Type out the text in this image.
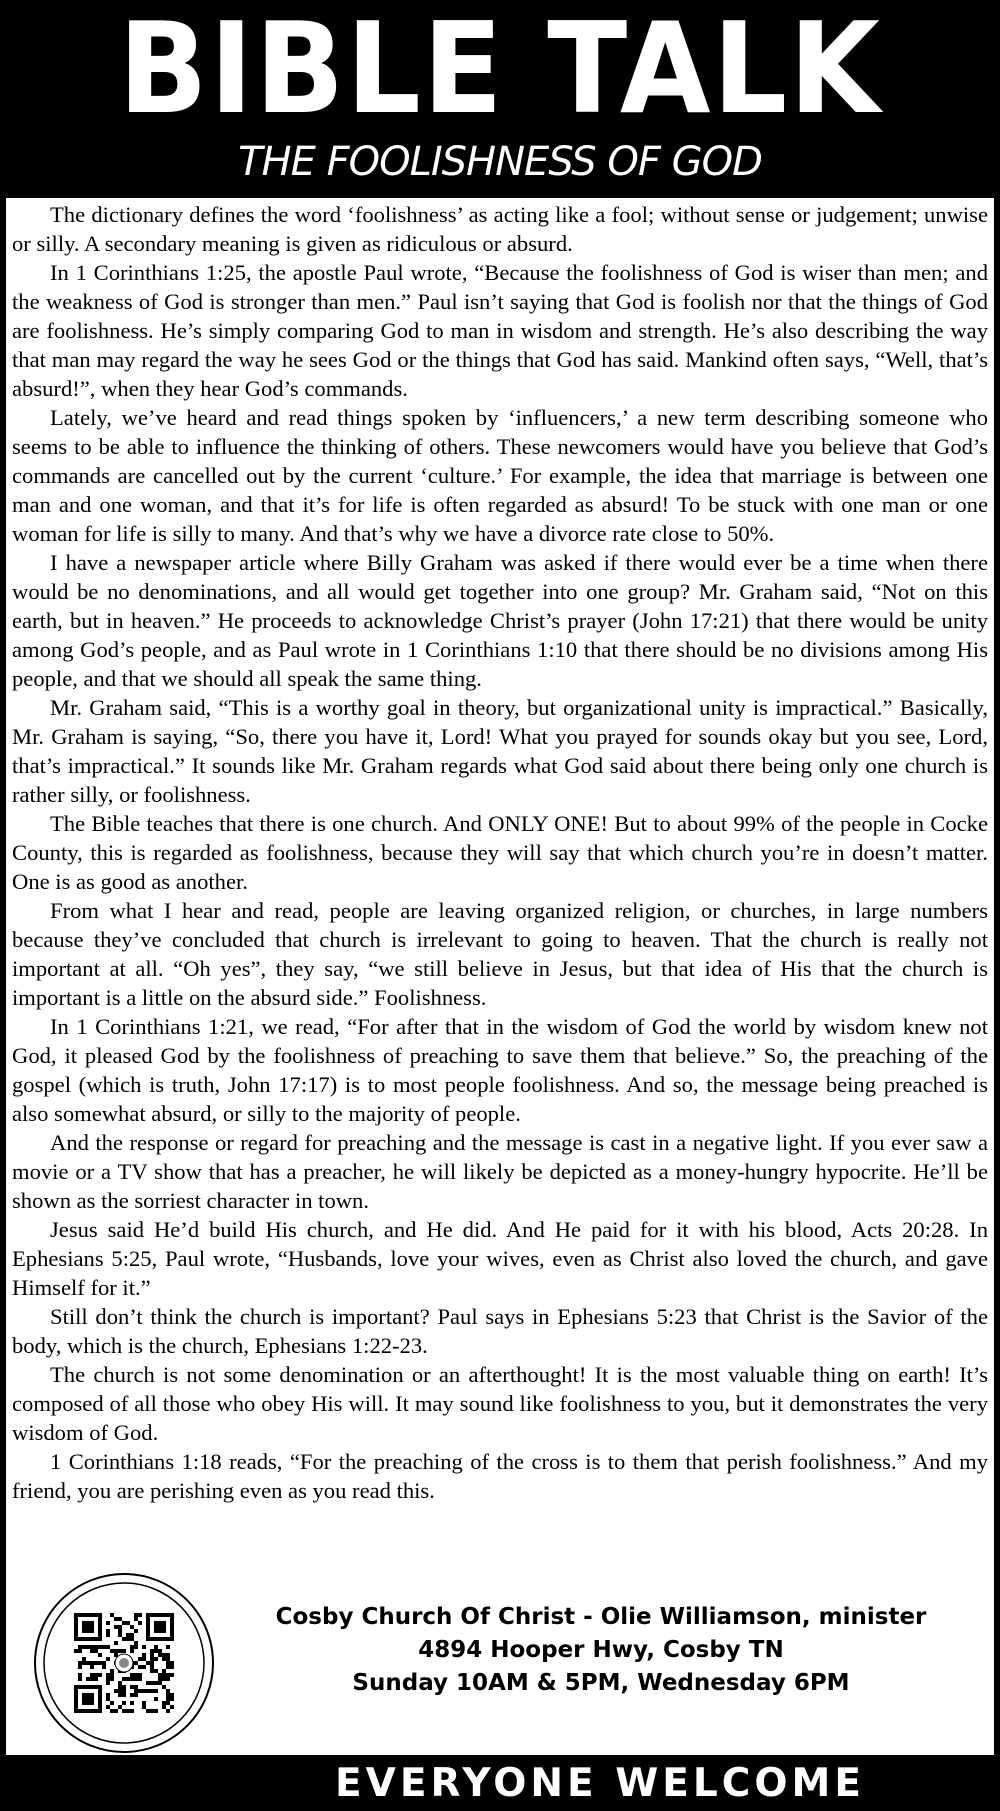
BIBLE TALK
THE FOOLISHNESS OF GOD

The dictionary defines the word ‘foolishness’ as acting like a fool; without sense or judgement; unwise or silly. A secondary meaning is given as ridiculous or absurd.

In 1 Corinthians 1:25, the apostle Paul wrote, “Because the foolishness of God is wiser than men; and the weakness of God is stronger than men.” Paul isn’t saying that God is foolish nor that the things of God are foolishness. He’s simply comparing God to man in wisdom and strength. He’s also describing the way that man may regard the way he sees God or the things that God has said. Mankind often says, “Well, that’s absurd!”, when they hear God’s commands.

Lately, we’ve heard and read things spoken by ‘influencers,’ a new term describing someone who seems to be able to influence the thinking of others. These newcomers would have you believe that God’s commands are cancelled out by the current ‘culture.’ For example, the idea that marriage is between one man and one woman, and that it’s for life is often regarded as absurd! To be stuck with one man or one woman for life is silly to many. And that’s why we have a divorce rate close to 50%.

I have a newspaper article where Billy Graham was asked if there would ever be a time when there would be no denominations, and all would get together into one group? Mr. Graham said, “Not on this earth, but in heaven.” He proceeds to acknowledge Christ’s prayer (John 17:21) that there would be unity among God’s people, and as Paul wrote in 1 Corinthians 1:10 that there should be no divisions among His people, and that we should all speak the same thing.

Mr. Graham said, “This is a worthy goal in theory, but organizational unity is impractical.” Basically, Mr. Graham is saying, “So, there you have it, Lord! What you prayed for sounds okay but you see, Lord, that’s impractical.” It sounds like Mr. Graham regards what God said about there being only one church is rather silly, or foolishness.

The Bible teaches that there is one church. And ONLY ONE! But to about 99% of the people in Cocke County, this is regarded as foolishness, because they will say that which church you’re in doesn’t matter. One is as good as another.

From what I hear and read, people are leaving organized religion, or churches, in large numbers because they’ve concluded that church is irrelevant to going to heaven. That the church is really not important at all. “Oh yes”, they say, “we still believe in Jesus, but that idea of His that the church is important is a little on the absurd side.” Foolishness.

In 1 Corinthians 1:21, we read, “For after that in the wisdom of God the world by wisdom knew not God, it pleased God by the foolishness of preaching to save them that believe.” So, the preaching of the gospel (which is truth, John 17:17) is to most people foolishness. And so, the message being preached is also somewhat absurd, or silly to the majority of people.

And the response or regard for preaching and the message is cast in a negative light. If you ever saw a movie or a TV show that has a preacher, he will likely be depicted as a money-hungry hypocrite. He’ll be shown as the sorriest character in town.

Jesus said He’d build His church, and He did. And He paid for it with his blood, Acts 20:28. In Ephesians 5:25, Paul wrote, “Husbands, love your wives, even as Christ also loved the church, and gave Himself for it.”

Still don’t think the church is important? Paul says in Ephesians 5:23 that Christ is the Savior of the body, which is the church, Ephesians 1:22-23.

The church is not some denomination or an afterthought! It is the most valuable thing on earth! It’s composed of all those who obey His will. It may sound like foolishness to you, but it demonstrates the very wisdom of God.

1 Corinthians 1:18 reads, “For the preaching of the cross is to them that perish foolishness.” And my friend, you are perishing even as you read this.

Cosby Church Of Christ - Olie Williamson, minister
4894 Hooper Hwy, Cosby TN
Sunday 10AM & 5PM, Wednesday 6PM
EVERYONE WELCOME
